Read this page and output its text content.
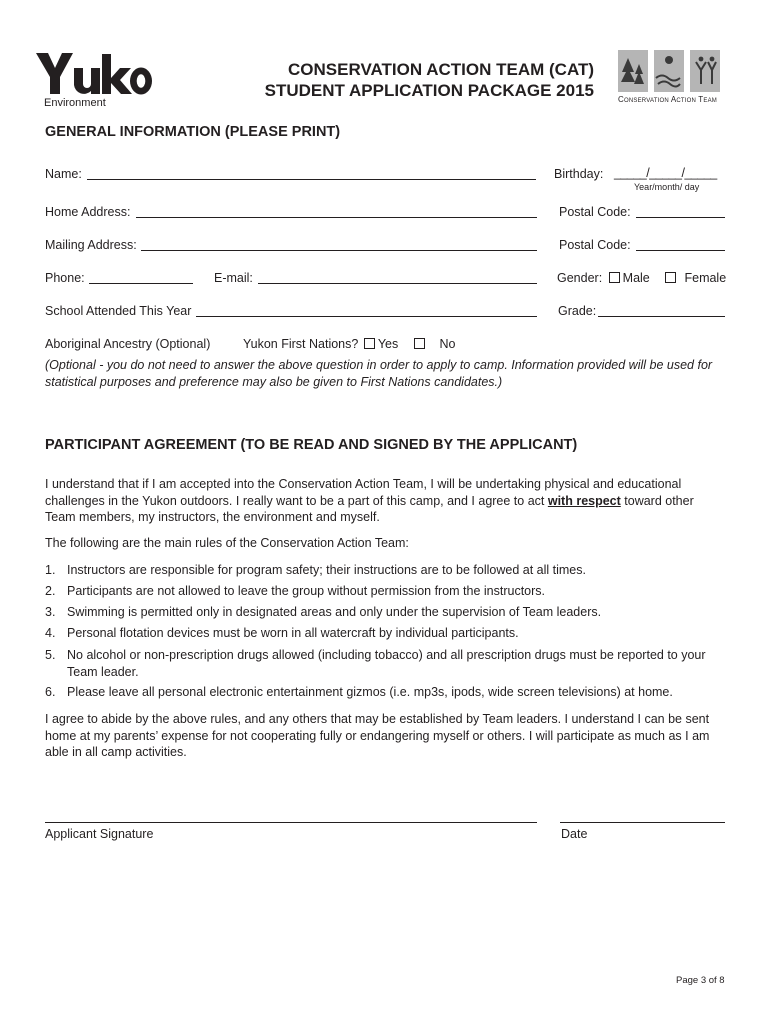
Environment
CONSERVATION ACTION TEAM (CAT)
STUDENT APPLICATION PACKAGE 2015	Conservation Action Team
GENERAL INFORMATION (PLEASE PRINT)
Name:	Birthday: _____/_____/_____
Year/month/ day
Home Address:	Postal Code:
Mailing Address:	Postal Code:
Phone:	E-mail:	Gender: Male	Female
School Attended This Year	Grade:
Aboriginal Ancestry (Optional)	Yukon First Nations? Yes	No
(Optional - you do not need to answer the above question in order to apply to camp. Information provided will be used for statistical purposes and preference may also be given to First Nations candidates.)
PARTICIPANT AGREEMENT (TO BE READ AND SIGNED BY THE APPLICANT)
I understand that if I am accepted into the Conservation Action Team, I will be undertaking physical and educational challenges in the Yukon outdoors. I really want to be a part of this camp, and I agree to act with respect toward other Team members, my instructors, the environment and myself.
The following are the main rules of the Conservation Action Team:
1. Instructors are responsible for program safety; their instructions are to be followed at all times.
2. Participants are not allowed to leave the group without permission from the instructors.
3. Swimming is permitted only in designated areas and only under the supervision of Team leaders.
4. Personal flotation devices must be worn in all watercraft by individual participants.
5. No alcohol or non-prescription drugs allowed (including tobacco) and all prescription drugs must be reported to your Team leader.
6. Please leave all personal electronic entertainment gizmos (i.e. mp3s, ipods, wide screen televisions) at home.
I agree to abide by the above rules, and any others that may be established by Team leaders. I understand I can be sent home at my parents’ expense for not cooperating fully or endangering myself or others. I will participate as much as I am able in all camp activities.
Applicant Signature	Date
Page 3 of 8
